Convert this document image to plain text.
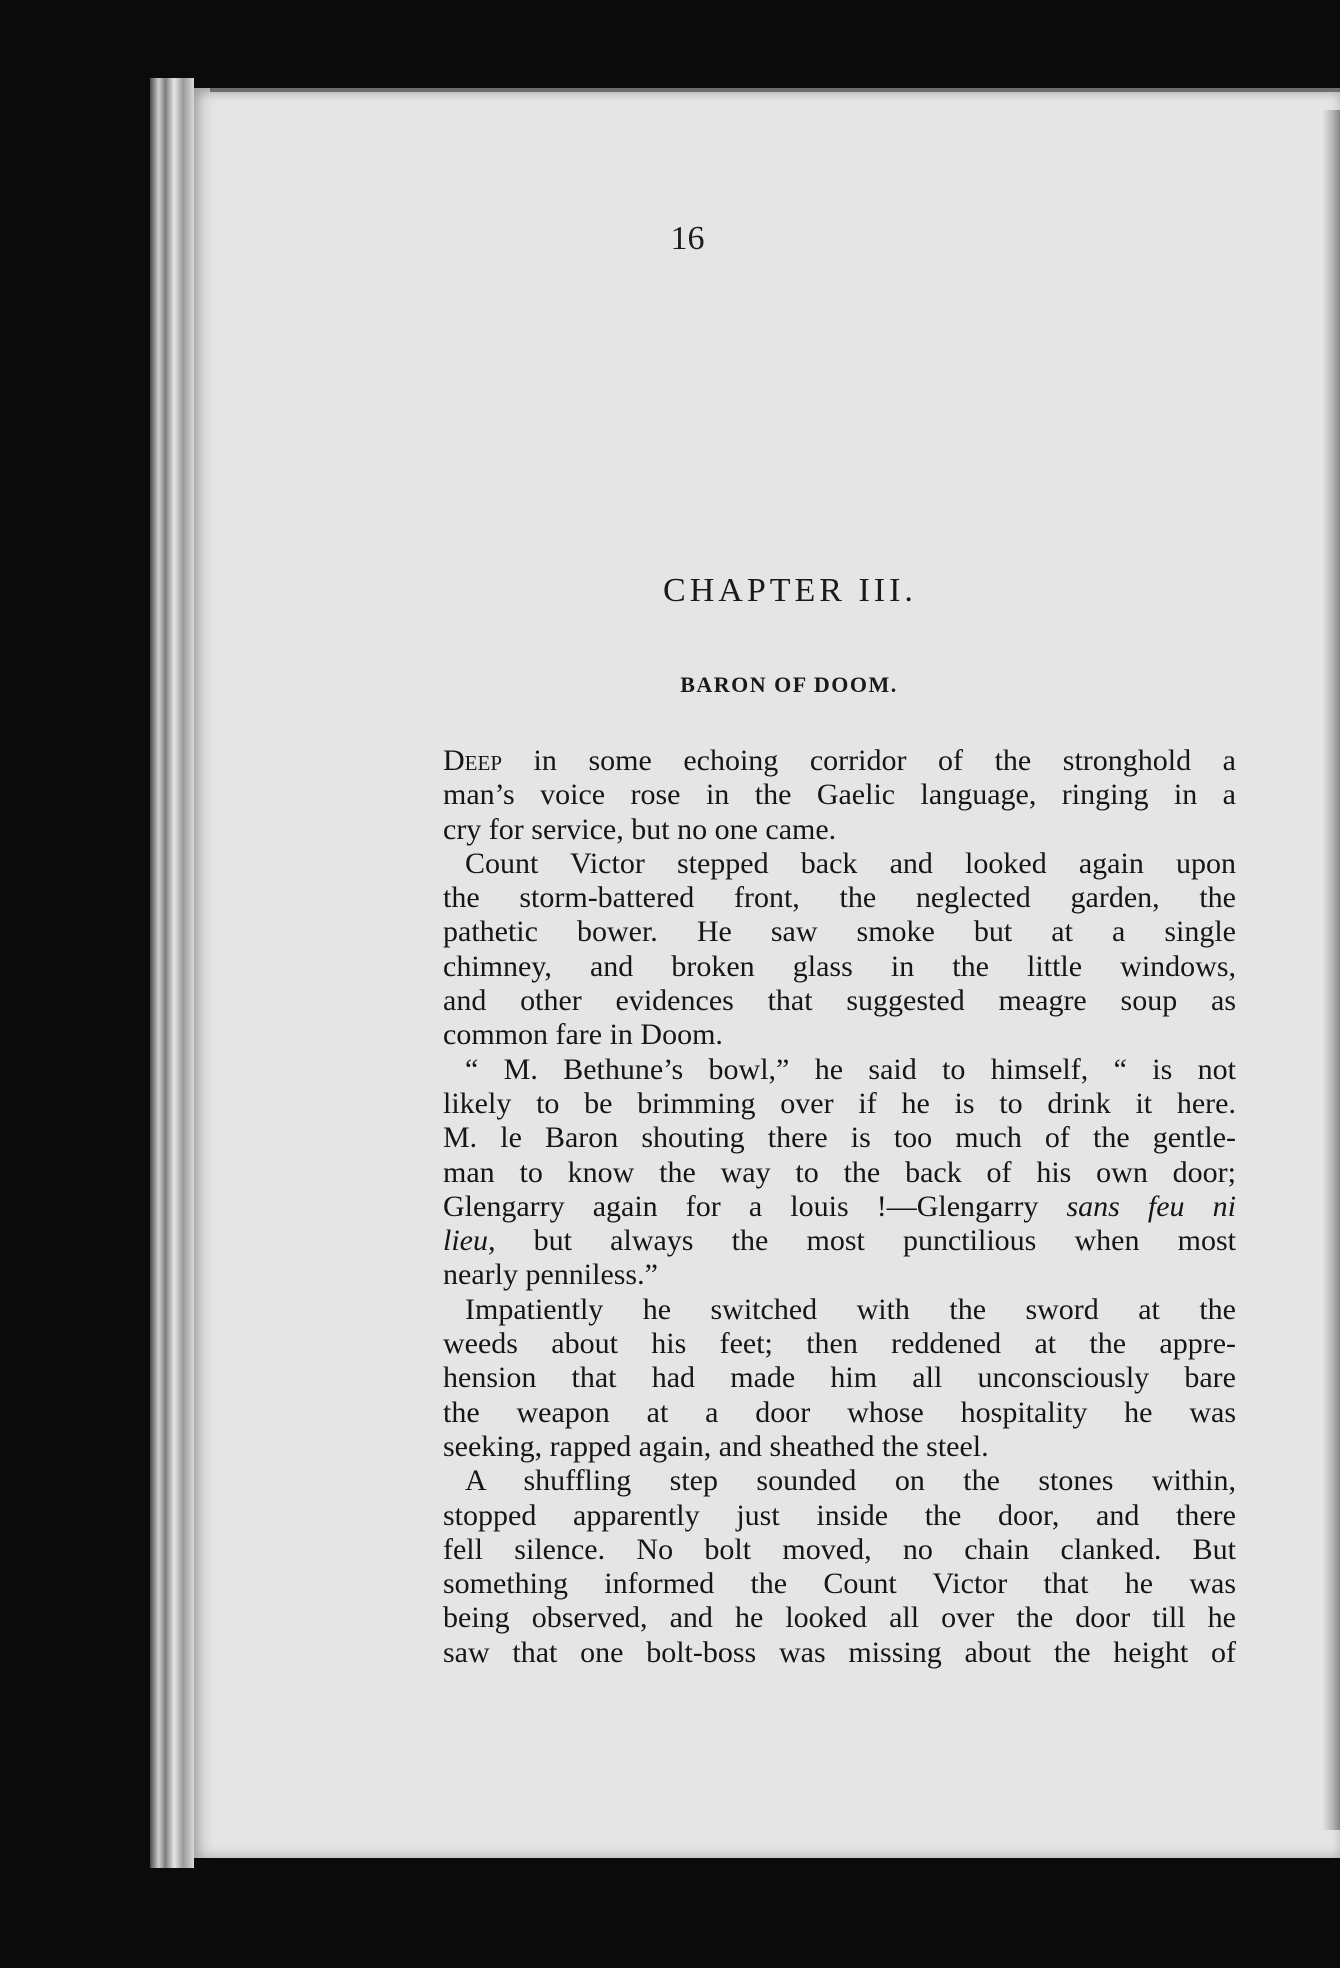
16
CHAPTER III.
BARON OF DOOM.
Deep in some echoing corridor of the stronghold a
man’s voice rose in the Gaelic language, ringing in a
cry for service, but no one came.
Count Victor stepped back and looked again upon
the storm-battered front, the neglected garden, the
pathetic bower. He saw smoke but at a single
chimney, and broken glass in the little windows,
and other evidences that suggested meagre soup as
common fare in Doom.
“ M. Bethune’s bowl,” he said to himself, “ is not
likely to be brimming over if he is to drink it here.
M. le Baron shouting there is too much of the gentle-
man to know the way to the back of his own door;
Glengarry again for a louis !—Glengarry sans feu ni
lieu, but always the most punctilious when most
nearly penniless.”
Impatiently he switched with the sword at the
weeds about his feet; then reddened at the appre-
hension that had made him all unconsciously bare
the weapon at a door whose hospitality he was
seeking, rapped again, and sheathed the steel.
A shuffling step sounded on the stones within,
stopped apparently just inside the door, and there
fell silence. No bolt moved, no chain clanked. But
something informed the Count Victor that he was
being observed, and he looked all over the door till he
saw that one bolt-boss was missing about the height of
